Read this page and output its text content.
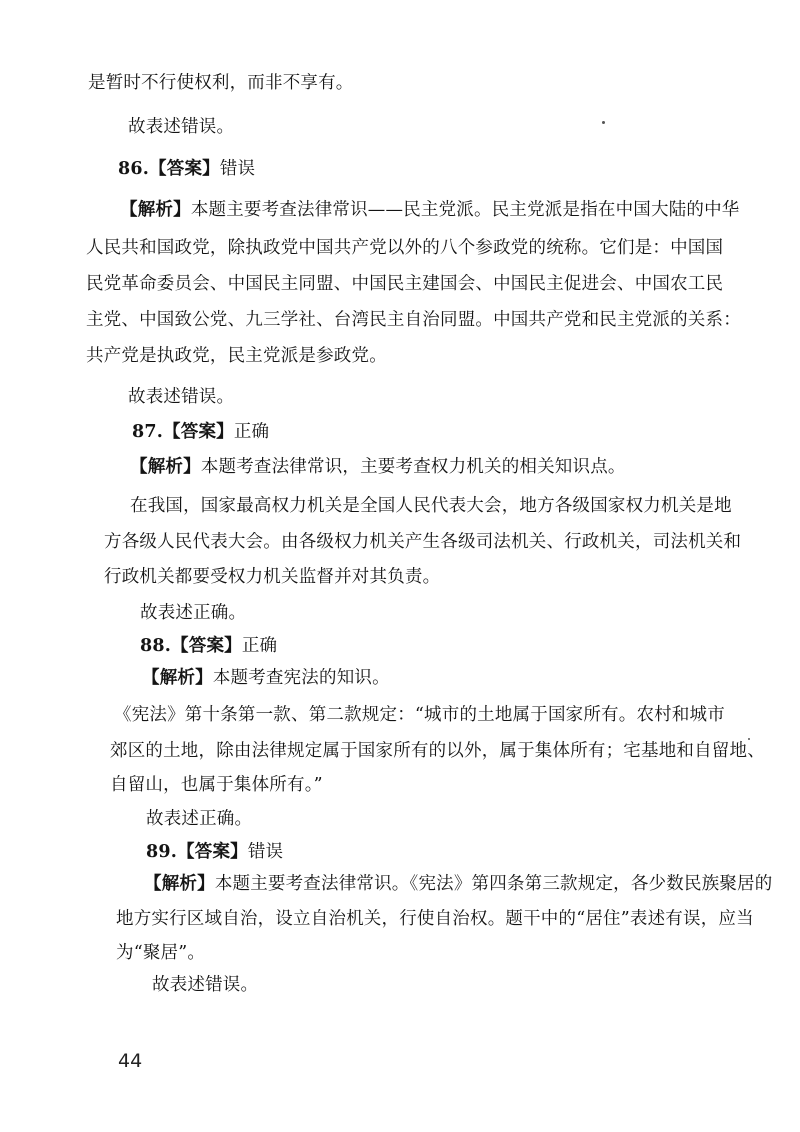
是暂时不行使权利，而非不享有。
故表述错误。
86.【答案】错误
【解析】本题主要考查法律常识——民主党派。民主党派是指在中国大陆的中华
人民共和国政党，除执政党中国共产党以外的八个参政党的统称。它们是：中国国
民党革命委员会、中国民主同盟、中国民主建国会、中国民主促进会、中国农工民
主党、中国致公党、九三学社、台湾民主自治同盟。中国共产党和民主党派的关系：
共产党是执政党，民主党派是参政党。
故表述错误。
87.【答案】正确
【解析】本题考查法律常识，主要考查权力机关的相关知识点。
在我国，国家最高权力机关是全国人民代表大会，地方各级国家权力机关是地
方各级人民代表大会。由各级权力机关产生各级司法机关、行政机关，司法机关和
行政机关都要受权力机关监督并对其负责。
故表述正确。
88.【答案】正确
【解析】本题考查宪法的知识。
《宪法》第十条第一款、第二款规定：“城市的土地属于国家所有。农村和城市
郊区的土地，除由法律规定属于国家所有的以外，属于集体所有；宅基地和自留地、
自留山，也属于集体所有。”
故表述正确。
89.【答案】错误
【解析】本题主要考查法律常识。《宪法》第四条第三款规定，各少数民族聚居的
地方实行区域自治，设立自治机关，行使自治权。题干中的“居住”表述有误，应当
为“聚居”。
故表述错误。
44
